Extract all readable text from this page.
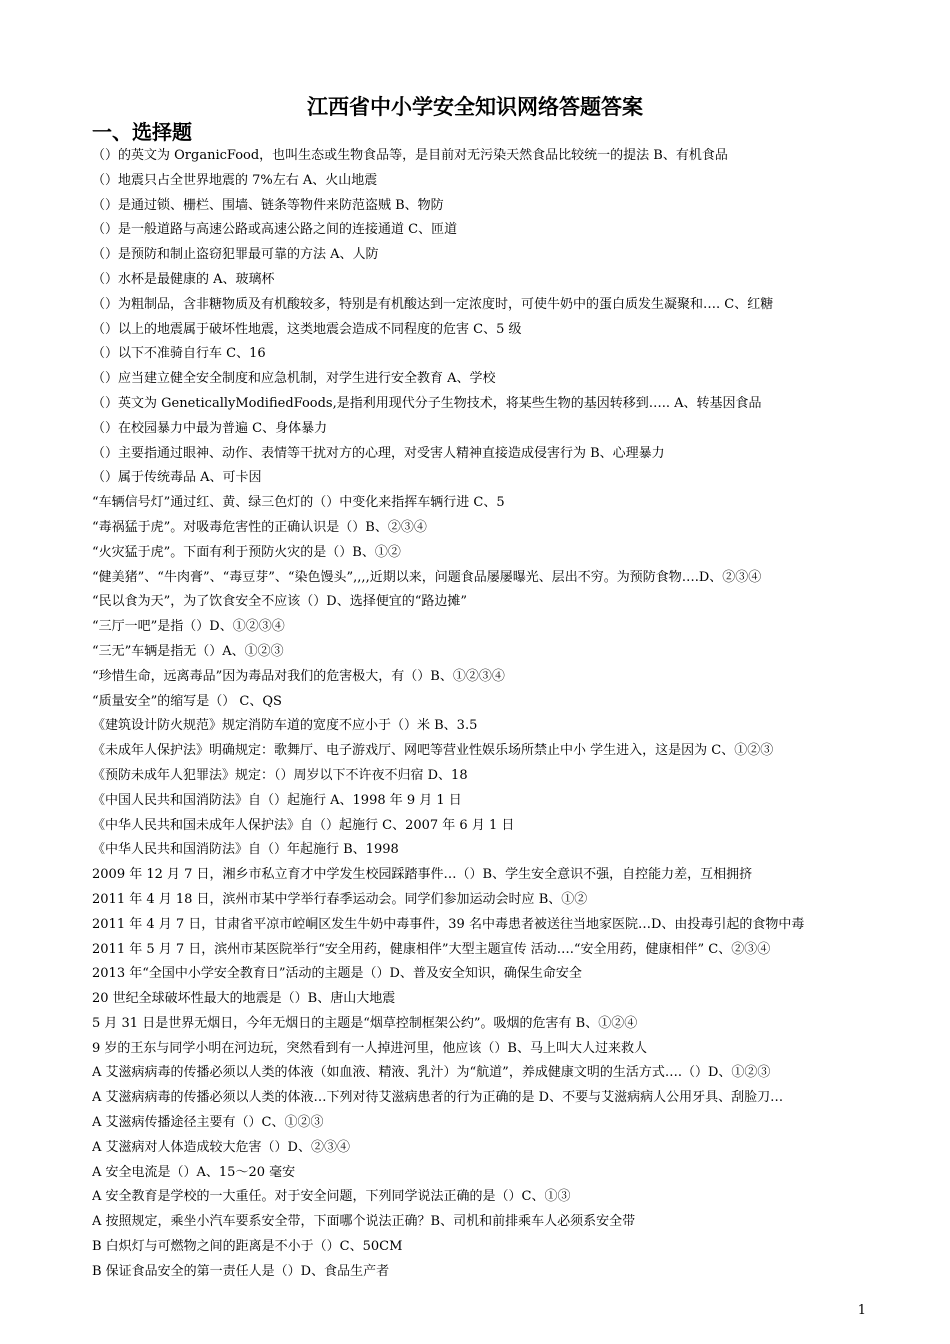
江西省中小学安全知识网络答题答案
一、选择题
（）的英文为 OrganicFood，也叫生态或生物食品等，是目前对无污染天然食品比较统一的提法 B、有机食品
（）地震只占全世界地震的 7%左右 A、火山地震
（）是通过锁、栅栏、围墙、链条等物件来防范盗贼 B、物防
（）是一般道路与高速公路或高速公路之间的连接通道 C、匝道
（）是预防和制止盗窃犯罪最可靠的方法 A、人防
（）水杯是最健康的 A、玻璃杯
（）为粗制品，含非糖物质及有机酸较多，特别是有机酸达到一定浓度时，可使牛奶中的蛋白质发生凝聚和…. C、红糖
（）以上的地震属于破坏性地震，这类地震会造成不同程度的危害 C、5 级
（）以下不准骑自行车 C、16
（）应当建立健全安全制度和应急机制，对学生进行安全教育 A、学校
（）英文为 GeneticallyModifiedFoods,是指利用现代分子生物技术，将某些生物的基因转移到….. A、转基因食品
（）在校园暴力中最为普遍 C、身体暴力
（）主要指通过眼神、动作、表情等干扰对方的心理，对受害人精神直接造成侵害行为 B、心理暴力
（）属于传统毒品 A、可卡因
“车辆信号灯”通过红、黄、绿三色灯的（）中变化来指挥车辆行进 C、5
“毒祸猛于虎”。对吸毒危害性的正确认识是（）B、②③④
“火灾猛于虎”。下面有利于预防火灾的是（）B、①②
“健美猪”、“牛肉膏”、“毒豆芽”、“染色馒头”,,,,近期以来，问题食品屡屡曝光、层出不穷。为预防食物….D、②③④
“民以食为天”，为了饮食安全不应该（）D、选择便宜的“路边摊”
“三厅一吧”是指（）D、①②③④
“三无”车辆是指无（）A、①②③
“珍惜生命，远离毒品”因为毒品对我们的危害极大，有（）B、①②③④
“质量安全”的缩写是（） C、QS
《建筑设计防火规范》规定消防车道的宽度不应小于（）米 B、3.5
《未成年人保护法》明确规定：歌舞厅、电子游戏厅、网吧等营业性娱乐场所禁止中小 学生进入，这是因为 C、①②③
《预防未成年人犯罪法》规定：（）周岁以下不许夜不归宿 D、18
《中国人民共和国消防法》自（）起施行 A、1998 年 9 月 1 日
《中华人民共和国未成年人保护法》自（）起施行 C、2007 年 6 月 1 日
《中华人民共和国消防法》自（）年起施行 B、1998
2009 年 12 月 7 日，湘乡市私立育才中学发生校园踩踏事件…（）B、学生安全意识不强，自控能力差，互相拥挤
2011 年 4 月 18 日，滨州市某中学举行春季运动会。同学们参加运动会时应 B、①②
2011 年 4 月 7 日，甘肃省平凉市崆峒区发生牛奶中毒事件，39 名中毒患者被送往当地家医院…D、由投毒引起的食物中毒
2011 年 5 月 7 日，滨州市某医院举行“安全用药，健康相伴”大型主题宣传 活动….“安全用药，健康相伴” C、②③④
2013 年“全国中小学安全教育日”活动的主题是（）D、普及安全知识，确保生命安全
20 世纪全球破坏性最大的地震是（）B、唐山大地震
5 月 31 日是世界无烟日，今年无烟日的主题是“烟草控制框架公约”。吸烟的危害有 B、①②④
9 岁的王东与同学小明在河边玩，突然看到有一人掉进河里，他应该（）B、马上叫大人过来救人
A 艾滋病病毒的传播必须以人类的体液（如血液、精液、乳汁）为“航道”，养成健康文明的生活方式….（）D、①②③
A 艾滋病病毒的传播必须以人类的体液…下列对待艾滋病患者的行为正确的是 D、不要与艾滋病病人公用牙具、刮脸刀…
A 艾滋病传播途径主要有（）C、①②③
A 艾滋病对人体造成较大危害（）D、②③④
A 安全电流是（）A、15～20 毫安
A 安全教育是学校的一大重任。对于安全问题，下列同学说法正确的是（）C、①③
A 按照规定，乘坐小汽车要系安全带，下面哪个说法正确？B、司机和前排乘车人必须系安全带
B 白炽灯与可燃物之间的距离是不小于（）C、50CM
B 保证食品安全的第一责任人是（）D、食品生产者
1
